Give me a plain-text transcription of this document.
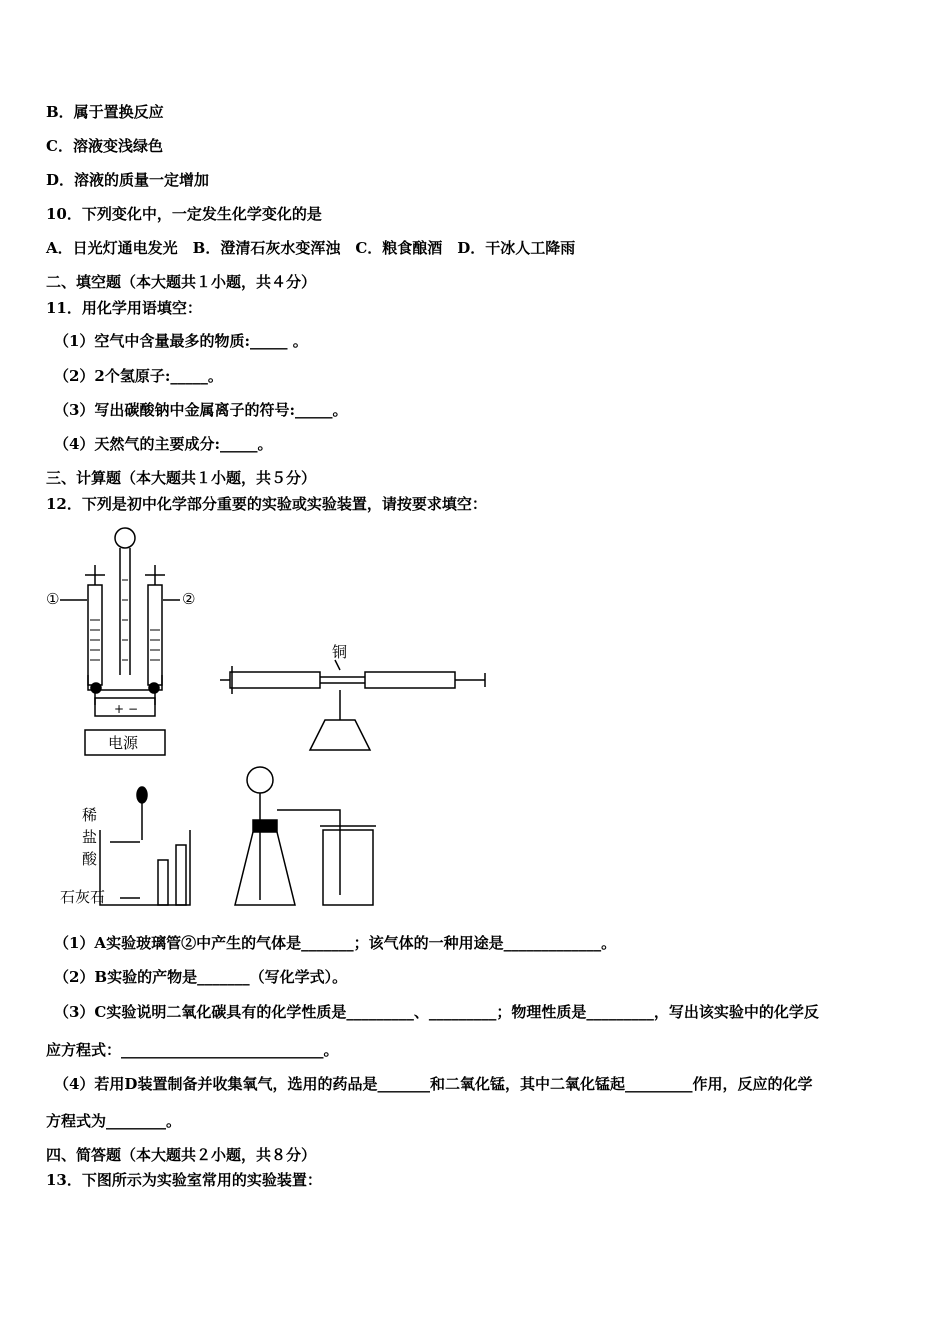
B．属于置换反应
C．溶液变浅绿色
D．溶液的质量一定增加
10．下列变化中，一定发生化学变化的是
A．日光灯通电发光　B．澄清石灰水变浑浊　C．粮食酿酒　D．干冰人工降雨
二、填空题（本大题共１小题，共４分）
11．用化学用语填空：
（1）空气中含量最多的物质:_____ 。
（2）2个氢原子:_____。
（3）写出碳酸钠中金属离子的符号:_____。
（4）天然气的主要成分:_____。
三、计算题（本大题共１小题，共５分）
12．下列是初中化学部分重要的实验或实验装置，请按要求填空：
①	②
+ −
电源
铜
稀
盐
酸
石灰石
（1）A实验玻璃管②中产生的气体是_______；该气体的一种用途是_____________。
（2）B实验的产物是_______（写化学式）。
（3）C实验说明二氧化碳具有的化学性质是_________、_________；物理性质是_________，写出该实验中的化学反
应方程式：___________________________。
（4）若用D装置制备并收集氧气，选用的药品是_______和二氧化锰，其中二氧化锰起_________作用，反应的化学
方程式为________。
四、简答题（本大题共２小题，共８分）
13．下图所示为实验室常用的实验装置：
